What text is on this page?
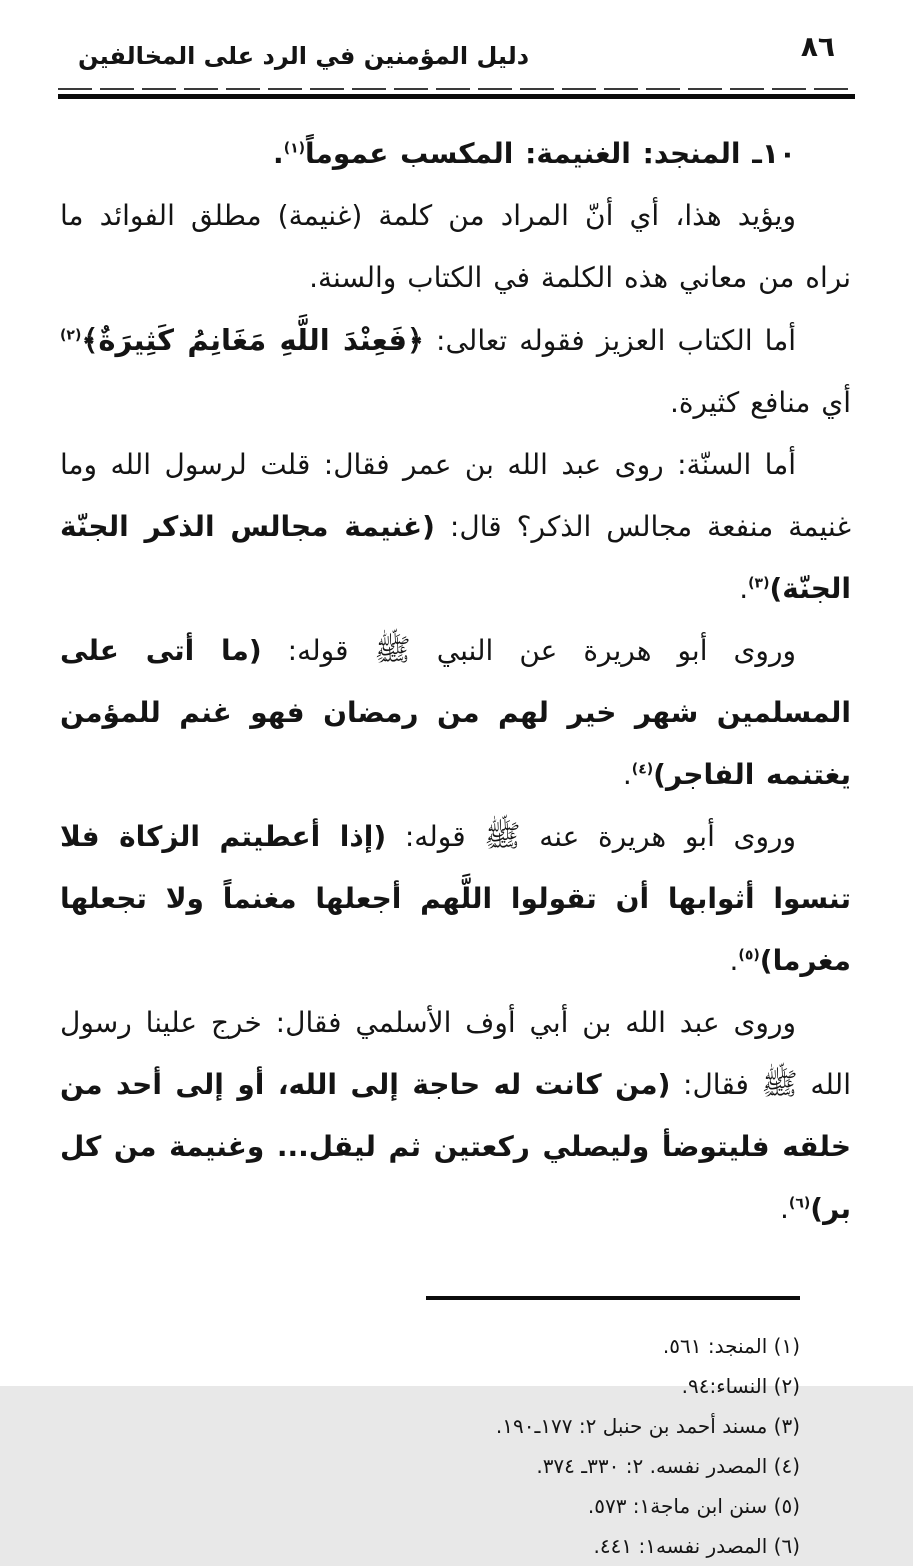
دليل المؤمنين في الرد على المخالفين	٨٦

١٠ـ المنجد: الغنيمة: المكسب عموماً$^{(١)}$.

ويؤيد هذا، أي أنّ المراد من كلمة (غنيمة) مطلق الفوائد ما نراه من معاني هذه الكلمة في الكتاب والسنة.

أما الكتاب العزيز فقوله تعالى: ﴿فَعِنْدَ اللَّهِ مَغَانِمُ كَثِيرَةٌ﴾$^{(٢)}$ أي منافع كثيرة.

أما السنّة: روى عبد الله بن عمر فقال: قلت لرسول الله وما غنيمة منفعة مجالس الذكر؟ قال: (غنيمة مجالس الذكر الجنّة الجنّة)$^{(٣)}$.

وروى أبو هريرة عن النبي ﷺ قوله: (ما أتى على المسلمين شهر خير لهم من رمضان فهو غنم للمؤمن يغتنمه الفاجر)$^{(٤)}$.

وروى أبو هريرة عنه ﷺ قوله: (إذا أعطيتم الزكاة فلا تنسوا أثوابها أن تقولوا اللَّهم أجعلها مغنماً ولا تجعلها مغرما)$^{(٥)}$.

وروى عبد الله بن أبي أوف الأسلمي فقال: خرج علينا رسول الله ﷺ فقال: (من كانت له حاجة إلى الله، أو إلى أحد من خلقه فليتوضأ وليصلي ركعتين ثم ليقل... وغنيمة من كل بر)$^{(٦)}$.

(١) المنجد: ٥٦١.
(٢) النساء:٩٤.
(٣) مسند أحمد بن حنبل ٢: ١٧٧ـ١٩٠.
(٤) المصدر نفسه. ٢: ٣٣٠ـ ٣٧٤.
(٥) سنن ابن ماجة١: ٥٧٣.
(٦) المصدر نفسه١: ٤٤١.
